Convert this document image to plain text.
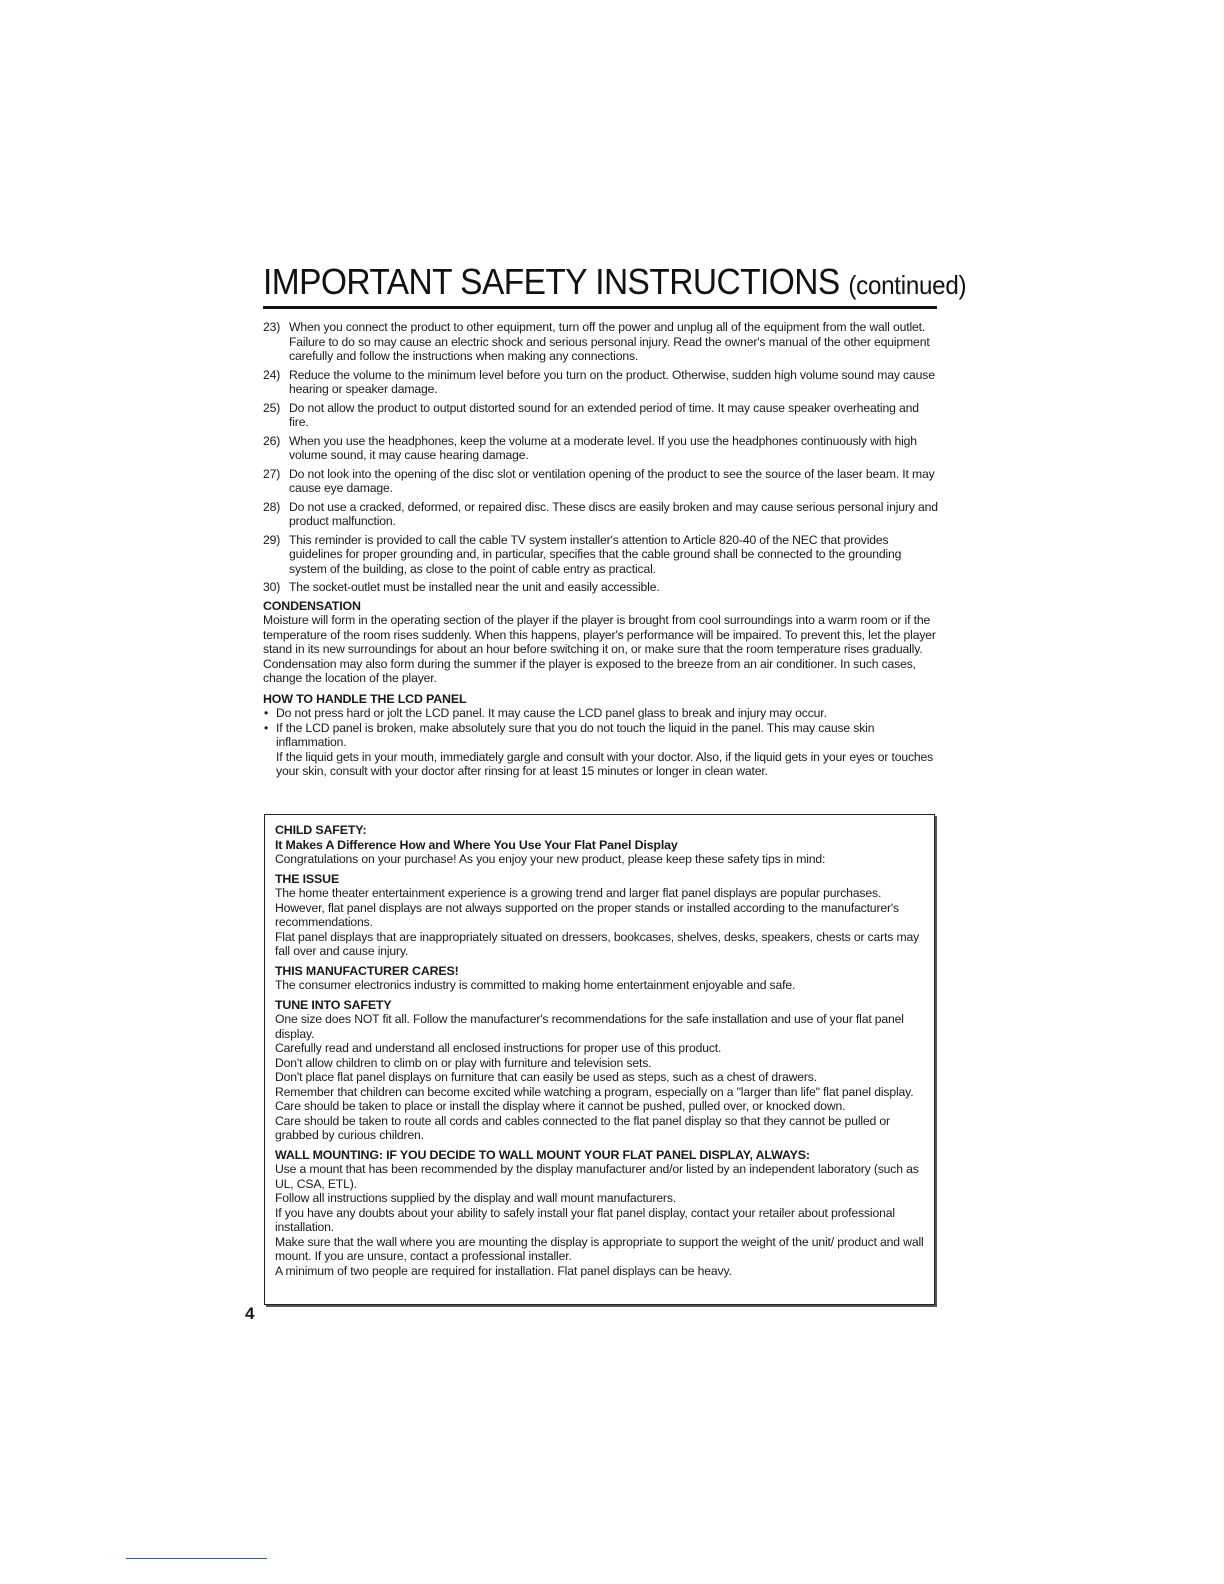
IMPORTANT SAFETY INSTRUCTIONS (continued)
23) When you connect the product to other equipment, turn off the power and unplug all of the equipment from the wall outlet. Failure to do so may cause an electric shock and serious personal injury. Read the owner's manual of the other equipment carefully and follow the instructions when making any connections.
24) Reduce the volume to the minimum level before you turn on the product. Otherwise, sudden high volume sound may cause hearing or speaker damage.
25) Do not allow the product to output distorted sound for an extended period of time. It may cause speaker overheating and fire.
26) When you use the headphones, keep the volume at a moderate level. If you use the headphones continuously with high volume sound, it may cause hearing damage.
27) Do not look into the opening of the disc slot or ventilation opening of the product to see the source of the laser beam. It may cause eye damage.
28) Do not use a cracked, deformed, or repaired disc. These discs are easily broken and may cause serious personal injury and product malfunction.
29) This reminder is provided to call the cable TV system installer's attention to Article 820-40 of the NEC that provides guidelines for proper grounding and, in particular, specifies that the cable ground shall be connected to the grounding system of the building, as close to the point of cable entry as practical.
30) The socket-outlet must be installed near the unit and easily accessible.
CONDENSATION

Moisture will form in the operating section of the player if the player is brought from cool surroundings into a warm room or if the temperature of the room rises suddenly. When this happens, player's performance will be impaired. To prevent this, let the player stand in its new surroundings for about an hour before switching it on, or make sure that the room temperature rises gradually.

Condensation may also form during the summer if the player is exposed to the breeze from an air conditioner. In such cases, change the location of the player.

HOW TO HANDLE THE LCD PANEL
• Do not press hard or jolt the LCD panel. It may cause the LCD panel glass to break and injury may occur.
• If the LCD panel is broken, make absolutely sure that you do not touch the liquid in the panel. This may cause skin inflammation.

If the liquid gets in your mouth, immediately gargle and consult with your doctor. Also, if the liquid gets in your eyes or touches your skin, consult with your doctor after rinsing for at least 15 minutes or longer in clean water.

CHILD SAFETY:
It Makes A Difference How and Where You Use Your Flat Panel Display

Congratulations on your purchase! As you enjoy your new product, please keep these safety tips in mind:

THE ISSUE

The home theater entertainment experience is a growing trend and larger flat panel displays are popular purchases. However, flat panel displays are not always supported on the proper stands or installed according to the manufacturer's recommendations.

Flat panel displays that are inappropriately situated on dressers, bookcases, shelves, desks, speakers, chests or carts may fall over and cause injury.

THIS MANUFACTURER CARES!

The consumer electronics industry is committed to making home entertainment enjoyable and safe.

TUNE INTO SAFETY

One size does NOT fit all. Follow the manufacturer's recommendations for the safe installation and use of your flat panel display.

Carefully read and understand all enclosed instructions for proper use of this product.

Don't allow children to climb on or play with furniture and television sets.

Don't place flat panel displays on furniture that can easily be used as steps, such as a chest of drawers.

Remember that children can become excited while watching a program, especially on a "larger than life" flat panel display. Care should be taken to place or install the display where it cannot be pushed, pulled over, or knocked down.

Care should be taken to route all cords and cables connected to the flat panel display so that they cannot be pulled or grabbed by curious children.

WALL MOUNTING: IF YOU DECIDE TO WALL MOUNT YOUR FLAT PANEL DISPLAY, ALWAYS:

Use a mount that has been recommended by the display manufacturer and/or listed by an independent laboratory (such as UL, CSA, ETL).

Follow all instructions supplied by the display and wall mount manufacturers.

If you have any doubts about your ability to safely install your flat panel display, contact your retailer about professional installation.

Make sure that the wall where you are mounting the display is appropriate to support the weight of the unit/ product and wall mount. If you are unsure, contact a professional installer.

A minimum of two people are required for installation. Flat panel displays can be heavy.

4
